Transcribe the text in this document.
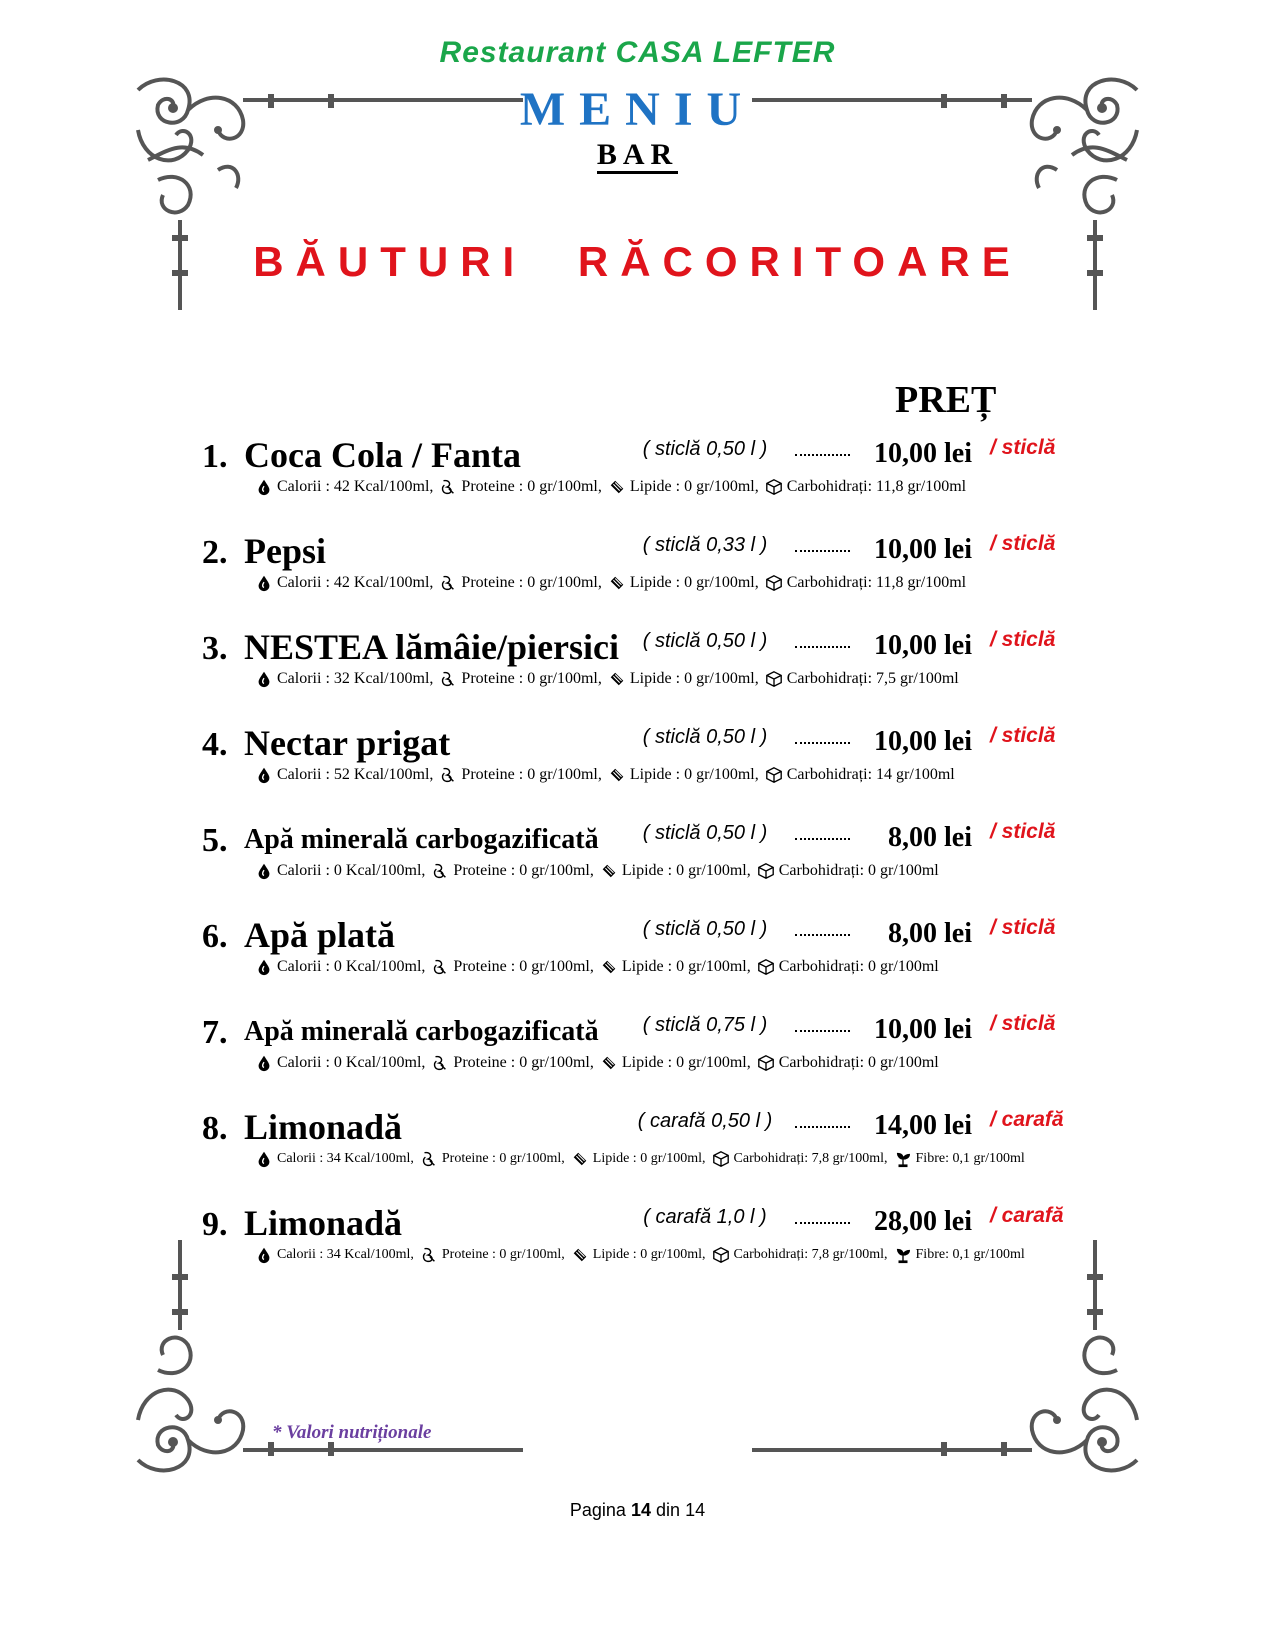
Restaurant CASA LEFTER
MENIU
BAR
BĂUTURI RĂCORITOARE
PREȚ
1. Coca Cola / Fanta	( sticlă 0,50 l )	10,00 lei / sticlă
Calorii : 42 Kcal/100ml, Proteine : 0 gr/100ml, Lipide : 0 gr/100ml, Carbohidrați: 11,8 gr/100ml
2. Pepsi	( sticlă 0,33 l )	10,00 lei / sticlă
Calorii : 42 Kcal/100ml, Proteine : 0 gr/100ml, Lipide : 0 gr/100ml, Carbohidrați: 11,8 gr/100ml
3. NESTEA lămâie/piersici	( sticlă 0,50 l )	10,00 lei / sticlă
Calorii : 32 Kcal/100ml, Proteine : 0 gr/100ml, Lipide : 0 gr/100ml, Carbohidrați: 7,5 gr/100ml
4. Nectar prigat	( sticlă 0,50 l )	10,00 lei / sticlă
Calorii : 52 Kcal/100ml, Proteine : 0 gr/100ml, Lipide : 0 gr/100ml, Carbohidrați: 14 gr/100ml
5. Apă minerală carbogazificată	( sticlă 0,50 l )	8,00 lei / sticlă
Calorii : 0 Kcal/100ml, Proteine : 0 gr/100ml, Lipide : 0 gr/100ml, Carbohidrați: 0 gr/100ml
6. Apă plată	( sticlă 0,50 l )	8,00 lei / sticlă
Calorii : 0 Kcal/100ml, Proteine : 0 gr/100ml, Lipide : 0 gr/100ml, Carbohidrați: 0 gr/100ml
7. Apă minerală carbogazificată	( sticlă 0,75 l )	10,00 lei / sticlă
Calorii : 0 Kcal/100ml, Proteine : 0 gr/100ml, Lipide : 0 gr/100ml, Carbohidrați: 0 gr/100ml
8. Limonadă	( carafă 0,50 l )	14,00 lei / carafă
Calorii : 34 Kcal/100ml, Proteine : 0 gr/100ml, Lipide : 0 gr/100ml, Carbohidrați: 7,8 gr/100ml, Fibre: 0,1 gr/100ml
9. Limonadă	( carafă 1,0 l )	28,00 lei / carafă
Calorii : 34 Kcal/100ml, Proteine : 0 gr/100ml, Lipide : 0 gr/100ml, Carbohidrați: 7,8 gr/100ml, Fibre: 0,1 gr/100ml
* Valori nutriționale
Pagina 14 din 14
